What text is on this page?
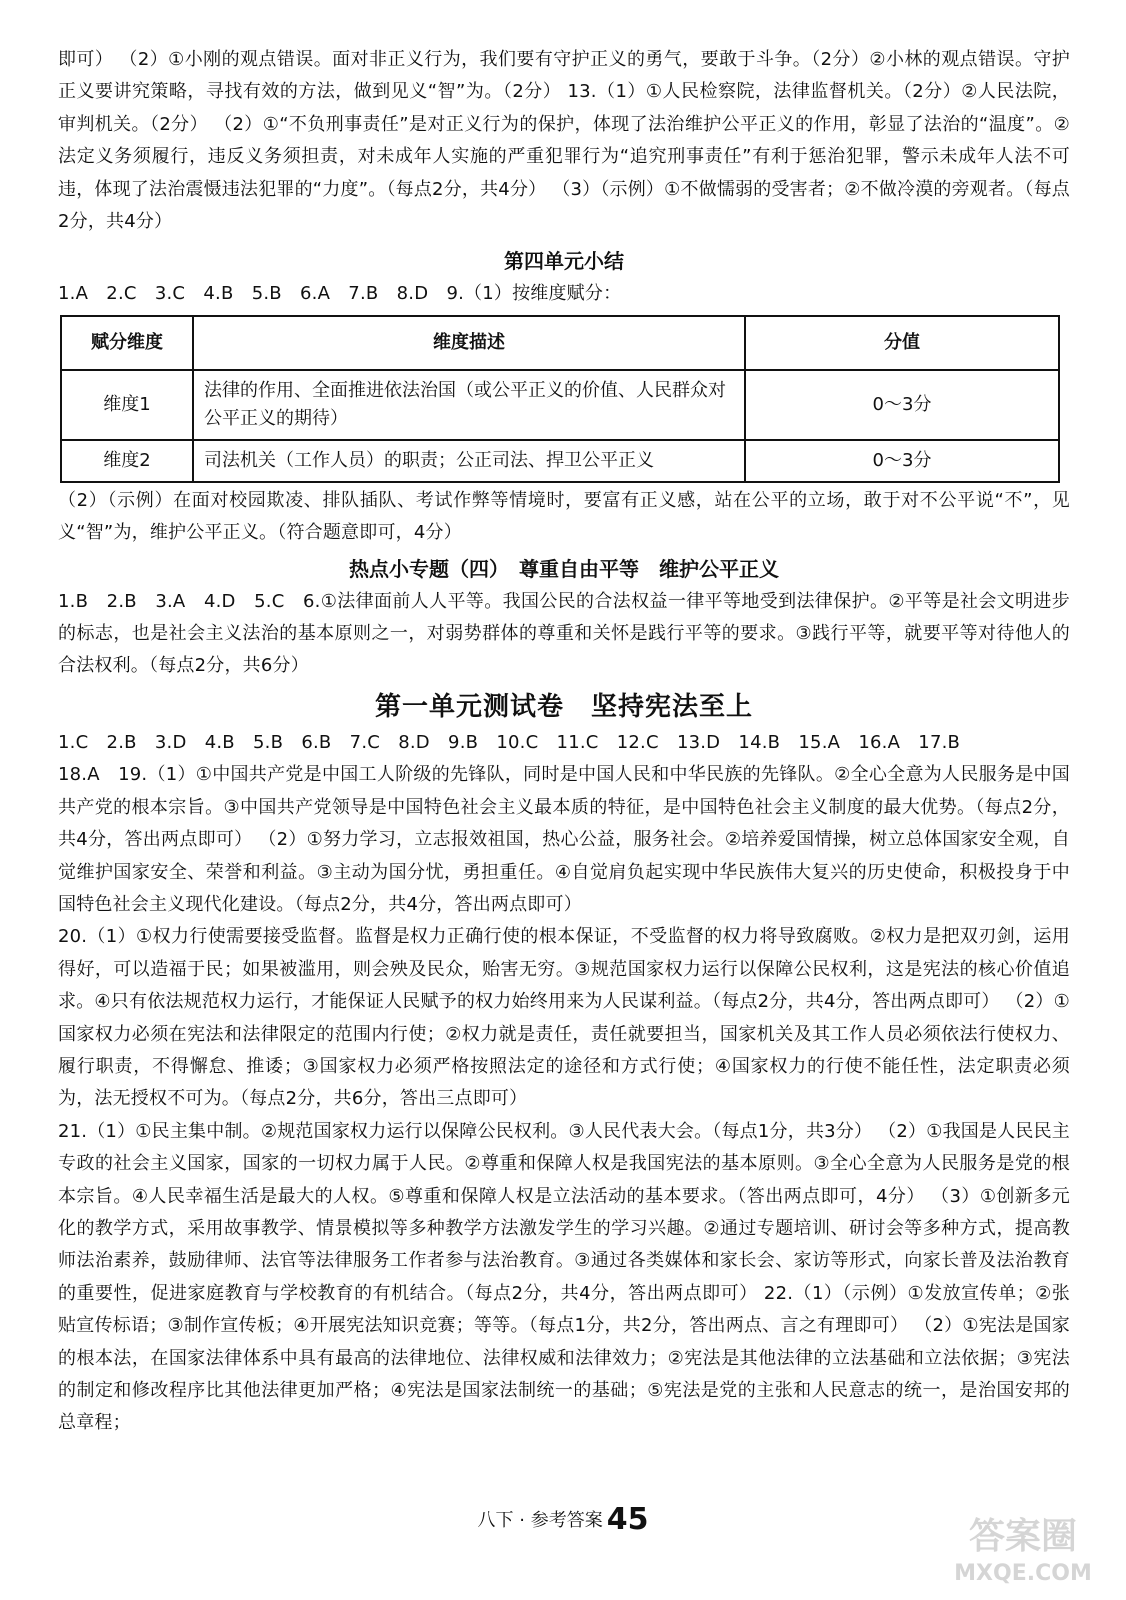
即可） （2）①小刚的观点错误。面对非正义行为，我们要有守护正义的勇气，要敢于斗争。（2分）②小林的观点错误。守护正义要讲究策略，寻找有效的方法，做到见义“智”为。（2分） 13.（1）①人民检察院，法律监督机关。（2分）②人民法院，审判机关。（2分） （2）①“不负刑事责任”是对正义行为的保护，体现了法治维护公平正义的作用，彰显了法治的“温度”。②法定义务须履行，违反义务须担责，对未成年人实施的严重犯罪行为“追究刑事责任”有利于惩治犯罪，警示未成年人法不可违，体现了法治震慑违法犯罪的“力度”。（每点2分，共4分） （3）（示例）①不做懦弱的受害者；②不做冷漠的旁观者。（每点2分，共4分）

第四单元小结

1.A　2.C　3.C　4.B　5.B　6.A　7.B　8.D　9.（1）按维度赋分：

赋分维度	维度描述	分值
维度1	法律的作用、全面推进依法治国（或公平正义的价值、人民群众对公平正义的期待）	0～3分
维度2	司法机关（工作人员）的职责；公正司法、捍卫公平正义	0～3分

（2）（示例）在面对校园欺凌、排队插队、考试作弊等情境时，要富有正义感，站在公平的立场，敢于对不公平说“不”，见义“智”为，维护公平正义。（符合题意即可，4分）

热点小专题（四）　尊重自由平等　维护公平正义

1.B　2.B　3.A　4.D　5.C　6.①法律面前人人平等。我国公民的合法权益一律平等地受到法律保护。②平等是社会文明进步的标志，也是社会主义法治的基本原则之一，对弱势群体的尊重和关怀是践行平等的要求。③践行平等，就要平等对待他人的合法权利。（每点2分，共6分）

第一单元测试卷　坚持宪法至上

1.C　2.B　3.D　4.B　5.B　6.B　7.C　8.D　9.B　10.C　11.C　12.C　13.D　14.B　15.A　16.A　17.B

18.A　19.（1）①中国共产党是中国工人阶级的先锋队，同时是中国人民和中华民族的先锋队。②全心全意为人民服务是中国共产党的根本宗旨。③中国共产党领导是中国特色社会主义最本质的特征，是中国特色社会主义制度的最大优势。（每点2分，共4分，答出两点即可） （2）①努力学习，立志报效祖国，热心公益，服务社会。②培养爱国情操，树立总体国家安全观，自觉维护国家安全、荣誉和利益。③主动为国分忧，勇担重任。④自觉肩负起实现中华民族伟大复兴的历史使命，积极投身于中国特色社会主义现代化建设。（每点2分，共4分，答出两点即可）

20.（1）①权力行使需要接受监督。监督是权力正确行使的根本保证，不受监督的权力将导致腐败。②权力是把双刃剑，运用得好，可以造福于民；如果被滥用，则会殃及民众，贻害无穷。③规范国家权力运行以保障公民权利，这是宪法的核心价值追求。④只有依法规范权力运行，才能保证人民赋予的权力始终用来为人民谋利益。（每点2分，共4分，答出两点即可） （2）①国家权力必须在宪法和法律限定的范围内行使；②权力就是责任，责任就要担当，国家机关及其工作人员必须依法行使权力、履行职责，不得懈怠、推诿；③国家权力必须严格按照法定的途径和方式行使；④国家权力的行使不能任性，法定职责必须为，法无授权不可为。（每点2分，共6分，答出三点即可）

21.（1）①民主集中制。②规范国家权力运行以保障公民权利。③人民代表大会。（每点1分，共3分） （2）①我国是人民民主专政的社会主义国家，国家的一切权力属于人民。②尊重和保障人权是我国宪法的基本原则。③全心全意为人民服务是党的根本宗旨。④人民幸福生活是最大的人权。⑤尊重和保障人权是立法活动的基本要求。（答出两点即可，4分） （3）①创新多元化的教学方式，采用故事教学、情景模拟等多种教学方法激发学生的学习兴趣。②通过专题培训、研讨会等多种方式，提高教师法治素养，鼓励律师、法官等法律服务工作者参与法治教育。③通过各类媒体和家长会、家访等形式，向家长普及法治教育的重要性，促进家庭教育与学校教育的有机结合。（每点2分，共4分，答出两点即可） 22.（1）（示例）①发放宣传单；②张贴宣传标语；③制作宣传板；④开展宪法知识竞赛；等等。（每点1分，共2分，答出两点、言之有理即可） （2）①宪法是国家的根本法，在国家法律体系中具有最高的法律地位、法律权威和法律效力；②宪法是其他法律的立法基础和立法依据；③宪法的制定和修改程序比其他法律更加严格；④宪法是国家法制统一的基础；⑤宪法是党的主张和人民意志的统一，是治国安邦的总章程；

八下 · 参考答案 45	答案圈
MXQE.COM
